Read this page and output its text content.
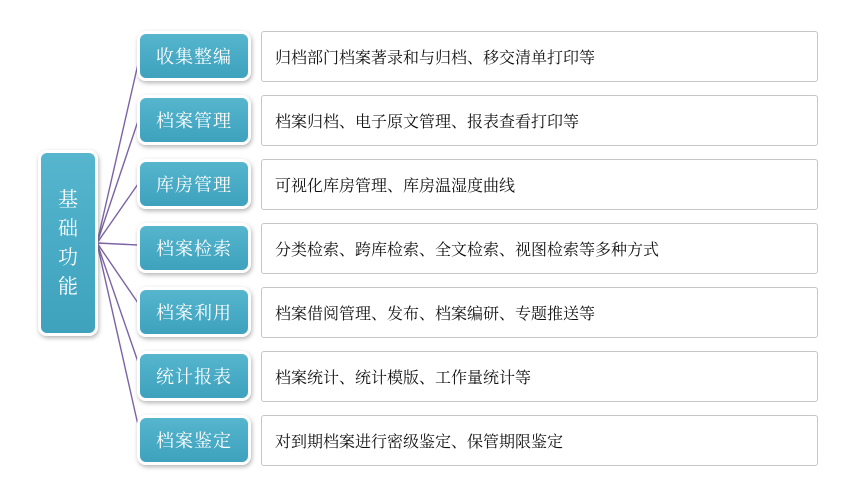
基础功能
收集整编	归档部门档案著录和与归档、移交清单打印等
档案管理	档案归档、电子原文管理、报表查看打印等
库房管理	可视化库房管理、库房温湿度曲线
档案检索	分类检索、跨库检索、全文检索、视图检索等多种方式
档案利用	档案借阅管理、发布、档案编研、专题推送等
统计报表	档案统计、统计模版、工作量统计等
档案鉴定	对到期档案进行密级鉴定、保管期限鉴定
